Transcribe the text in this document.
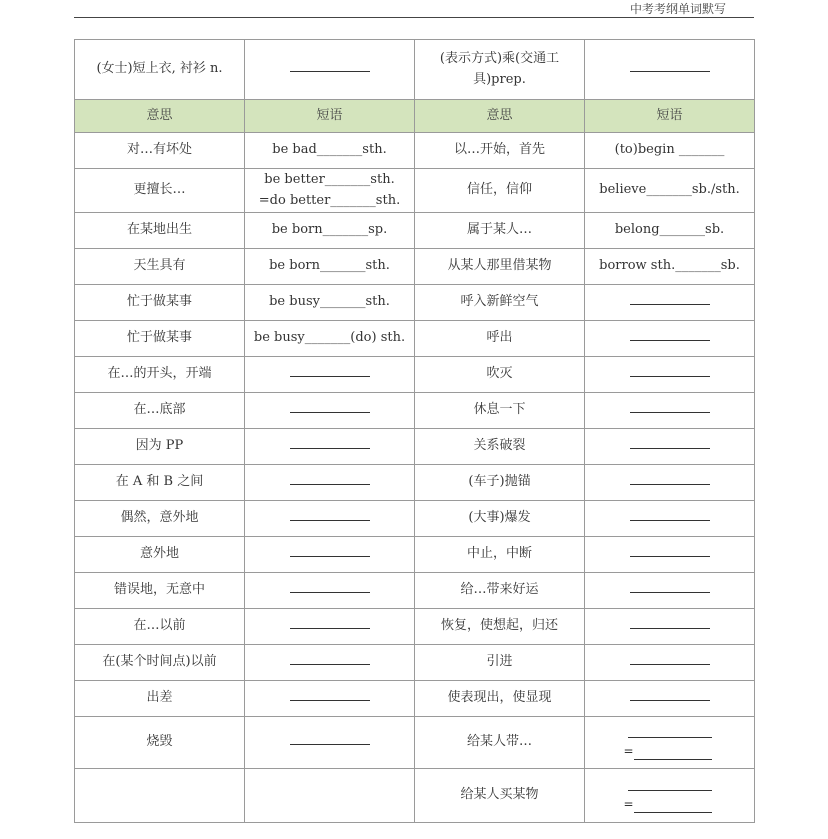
中考考纲单词默写
(女士)短上衣, 衬衫 n.		(表示方式)乘(交通工具)prep.	
意思	短语	意思	短语
对…有坏处	be bad_______sth.	以…开始，首先	(to)begin _______
更擅长…	be better_______sth. =do better_______sth.	信任，信仰	believe_______sb./sth.
在某地出生	be born_______sp.	属于某人…	belong_______sb.
天生具有	be born_______sth.	从某人那里借某物	borrow sth._______sb.
忙于做某事	be busy_______sth.	呼入新鲜空气	
忙于做某事	be busy_______(do) sth.	呼出	
在…的开头，开端		吹灭	
在…底部		休息一下	
因为 PP		关系破裂	
在 A 和 B 之间		(车子)抛锚	
偶然，意外地		(大事)爆发	
意外地		中止，中断	
错误地，无意中		给…带来好运	
在…以前		恢复，使想起，归还	
在(某个时间点)以前		引进	
出差		使表现出，使显现	
烧毁		给某人带…	=

		给某人买某物	=
